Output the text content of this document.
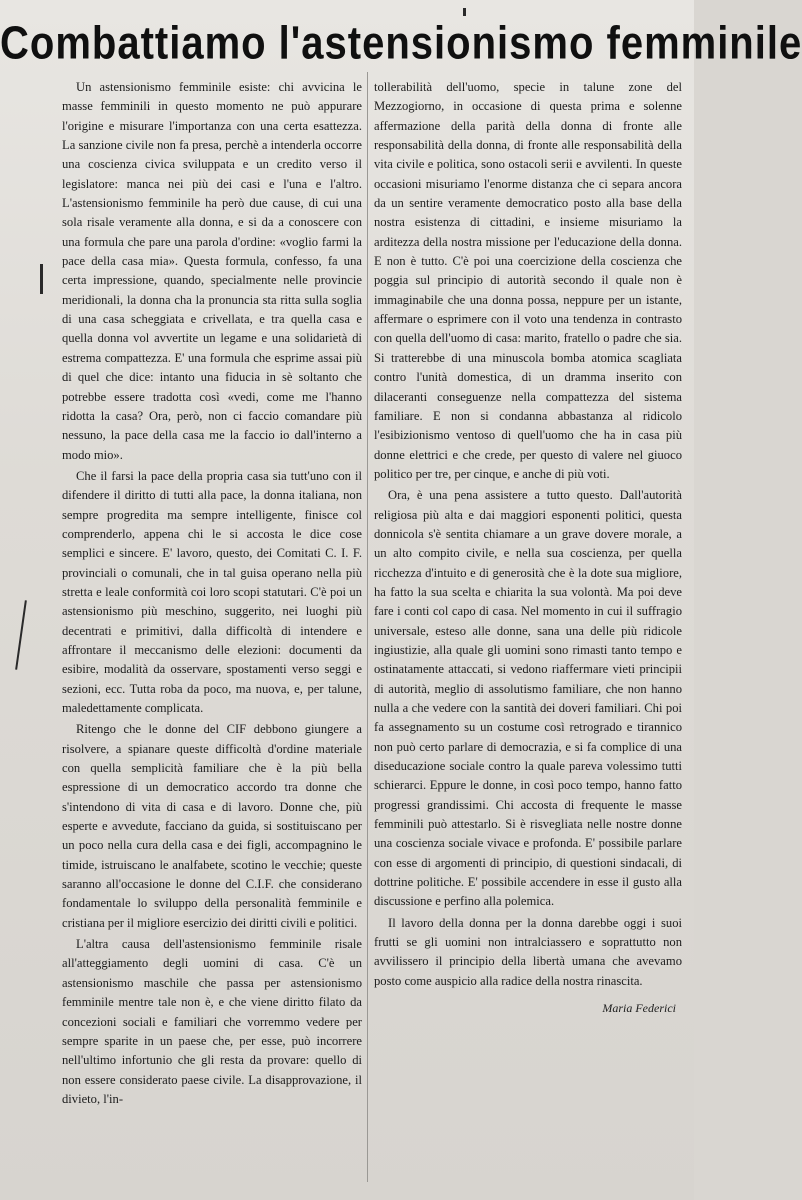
Combattiamo l'astensionismo femminile

Un astensionismo femminile esiste: chi avvicina le masse femminili in questo momento ne può appurare l'origine e misurare l'importanza con una certa esattezza. La sanzione civile non fa presa, perchè a intenderla occorre una coscienza civica sviluppata e un credito verso il legislatore: manca nei più dei casi e l'una e l'altro. L'astensionismo femminile ha però due cause, di cui una sola risale veramente alla donna, e si da a conoscere con una formula che pare una parola d'ordine: «voglio farmi la pace della casa mia». Questa formula, confesso, fa una certa impressione, quando, specialmente nelle provincie meridionali, la donna cha la pronuncia sta ritta sulla soglia di una casa scheggiata e crivellata, e tra quella casa e quella donna vol avvertite un legame e una solidarietà di estrema compattezza. E' una formula che esprime assai più di quel che dice: intanto una fiducia in sè soltanto che potrebbe essere tradotta così «vedi, come me l'hanno ridotta la casa? Ora, però, non ci faccio comandare più nessuno, la pace della casa me la faccio io dall'interno a modo mio».

Che il farsi la pace della propria casa sia tutt'uno con il difendere il diritto di tutti alla pace, la donna italiana, non sempre progredita ma sempre intelligente, finisce col comprenderlo, appena chi le si accosta le dice cose semplici e sincere. E' lavoro, questo, dei Comitati C. I. F. provinciali o comunali, che in tal guisa operano nella più stretta e leale conformità coi loro scopi statutari. C'è poi un astensionismo più meschino, suggerito, nei luoghi più decentrati e primitivi, dalla difficoltà di intendere e affrontare il meccanismo delle elezioni: documenti da esibire, modalità da osservare, spostamenti verso seggi e sezioni, ecc. Tutta roba da poco, ma nuova, e, per talune, maledettamente complicata.

Ritengo che le donne del CIF debbono giungere a risolvere, a spianare queste difficoltà d'ordine materiale con quella semplicità familiare che è la più bella espressione di un democratico accordo tra donne che s'intendono di vita di casa e di lavoro. Donne che, più esperte e avvedute, facciano da guida, si sostituiscano per un poco nella cura della casa e dei figli, accompagnino le timide, istruiscano le analfabete, scotino le vecchie; queste saranno all'occasione le donne del C.I.F. che considerano fondamentale lo sviluppo della personalità femminile e cristiana per il migliore esercizio dei diritti civili e politici.

L'altra causa dell'astensionismo femminile risale all'atteggiamento degli uomini di casa. C'è un astensionismo maschile che passa per astensionismo femminile mentre tale non è, e che viene diritto filato da concezioni sociali e familiari che vorremmo vedere per sempre sparite in un paese che, per esse, può incorrere nell'ultimo infortunio che gli resta da provare: quello di non essere considerato paese civile. La disapprovazione, il divieto, l'in-

tollerabilità dell'uomo, specie in talune zone del Mezzogiorno, in occasione di questa prima e solenne affermazione della parità della donna di fronte alle responsabilità della donna, di fronte alle responsabilità della vita civile e politica, sono ostacoli serii e avvilenti. In queste occasioni misuriamo l'enorme distanza che ci separa ancora da un sentire veramente democratico posto alla base della nostra esistenza di cittadini, e insieme misuriamo la arditezza della nostra missione per l'educazione della donna. E non è tutto. C'è poi una coercizione della coscienza che poggia sul principio di autorità secondo il quale non è immaginabile che una donna possa, neppure per un istante, affermare o esprimere con il voto una tendenza in contrasto con quella dell'uomo di casa: marito, fratello o padre che sia. Si tratterebbe di una minuscola bomba atomica scagliata contro l'unità domestica, di un dramma inserito con dilaceranti conseguenze nella compattezza del sistema familiare. E non si condanna abbastanza al ridicolo l'esibizionismo ventoso di quell'uomo che ha in casa più donne elettrici e che crede, per questo di valere nel giuoco politico per tre, per cinque, e anche di più voti.

Ora, è una pena assistere a tutto questo. Dall'autorità religiosa più alta e dai maggiori esponenti politici, questa donnicola s'è sentita chiamare a un grave dovere morale, a un alto compito civile, e nella sua coscienza, per quella ricchezza d'intuito e di generosità che è la dote sua migliore, ha fatto la sua scelta e chiarita la sua volontà. Ma poi deve fare i conti col capo di casa. Nel momento in cui il suffragio universale, esteso alle donne, sana una delle più ridicole ingiustizie, alla quale gli uomini sono rimasti tanto tempo e ostinatamente attaccati, si vedono riaffermare vieti principii di autorità, meglio di assolutismo familiare, che non hanno nulla a che vedere con la santità dei doveri familiari. Chi poi fa assegnamento su un costume così retrogrado e tirannico non può certo parlare di democrazia, e si fa complice di una diseducazione sociale contro la quale pareva volessimo tutti schierarci. Eppure le donne, in così poco tempo, hanno fatto progressi grandissimi. Chi accosta di frequente le masse femminili può attestarlo. Si è risvegliata nelle nostre donne una coscienza sociale vivace e profonda. E' possibile parlare con esse di argomenti di principio, di questioni sindacali, di dottrine politiche. E' possibile accendere in esse il gusto alla discussione e perfino alla polemica.

Il lavoro della donna per la donna darebbe oggi i suoi frutti se gli uomini non intralciassero e soprattutto non avvilissero il principio della libertà umana che avevamo posto come auspicio alla radice della nostra rinascita.

Maria Federici
